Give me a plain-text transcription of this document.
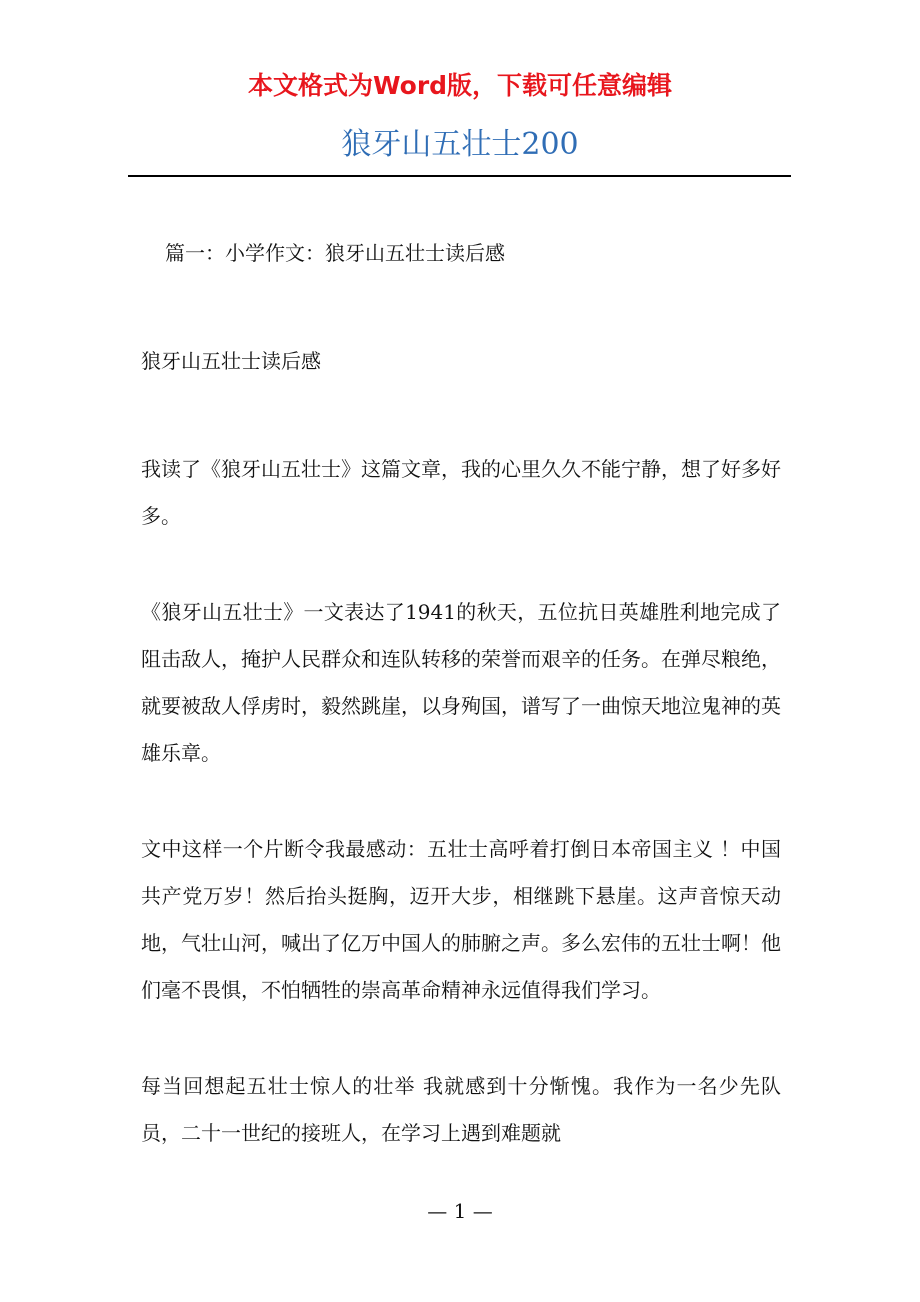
本文格式为Word版，下载可任意编辑
狼牙山五壮士200

篇一：小学作文：狼牙山五壮士读后感

狼牙山五壮士读后感

我读了《狼牙山五壮士》这篇文章，我的心里久久不能宁静，想了好多好多。

《狼牙山五壮士》一文表达了1941的秋天，五位抗日英雄胜利地完成了阻击敌人，掩护人民群众和连队转移的荣誉而艰辛的任务。在弹尽粮绝，就要被敌人俘虏时，毅然跳崖，以身殉国，谱写了一曲惊天地泣鬼神的英雄乐章。

文中这样一个片断令我最感动：五壮士高呼着打倒日本帝国主义 ！中国共产党万岁！然后抬头挺胸，迈开大步，相继跳下悬崖。这声音惊天动地，气壮山河，喊出了亿万中国人的肺腑之声。多么宏伟的五壮士啊！他们毫不畏惧，不怕牺牲的崇高革命精神永远值得我们学习。

每当回想起五壮士惊人的壮举 我就感到十分惭愧。我作为一名少先队员，二十一世纪的接班人，在学习上遇到难题就

— 1 —
